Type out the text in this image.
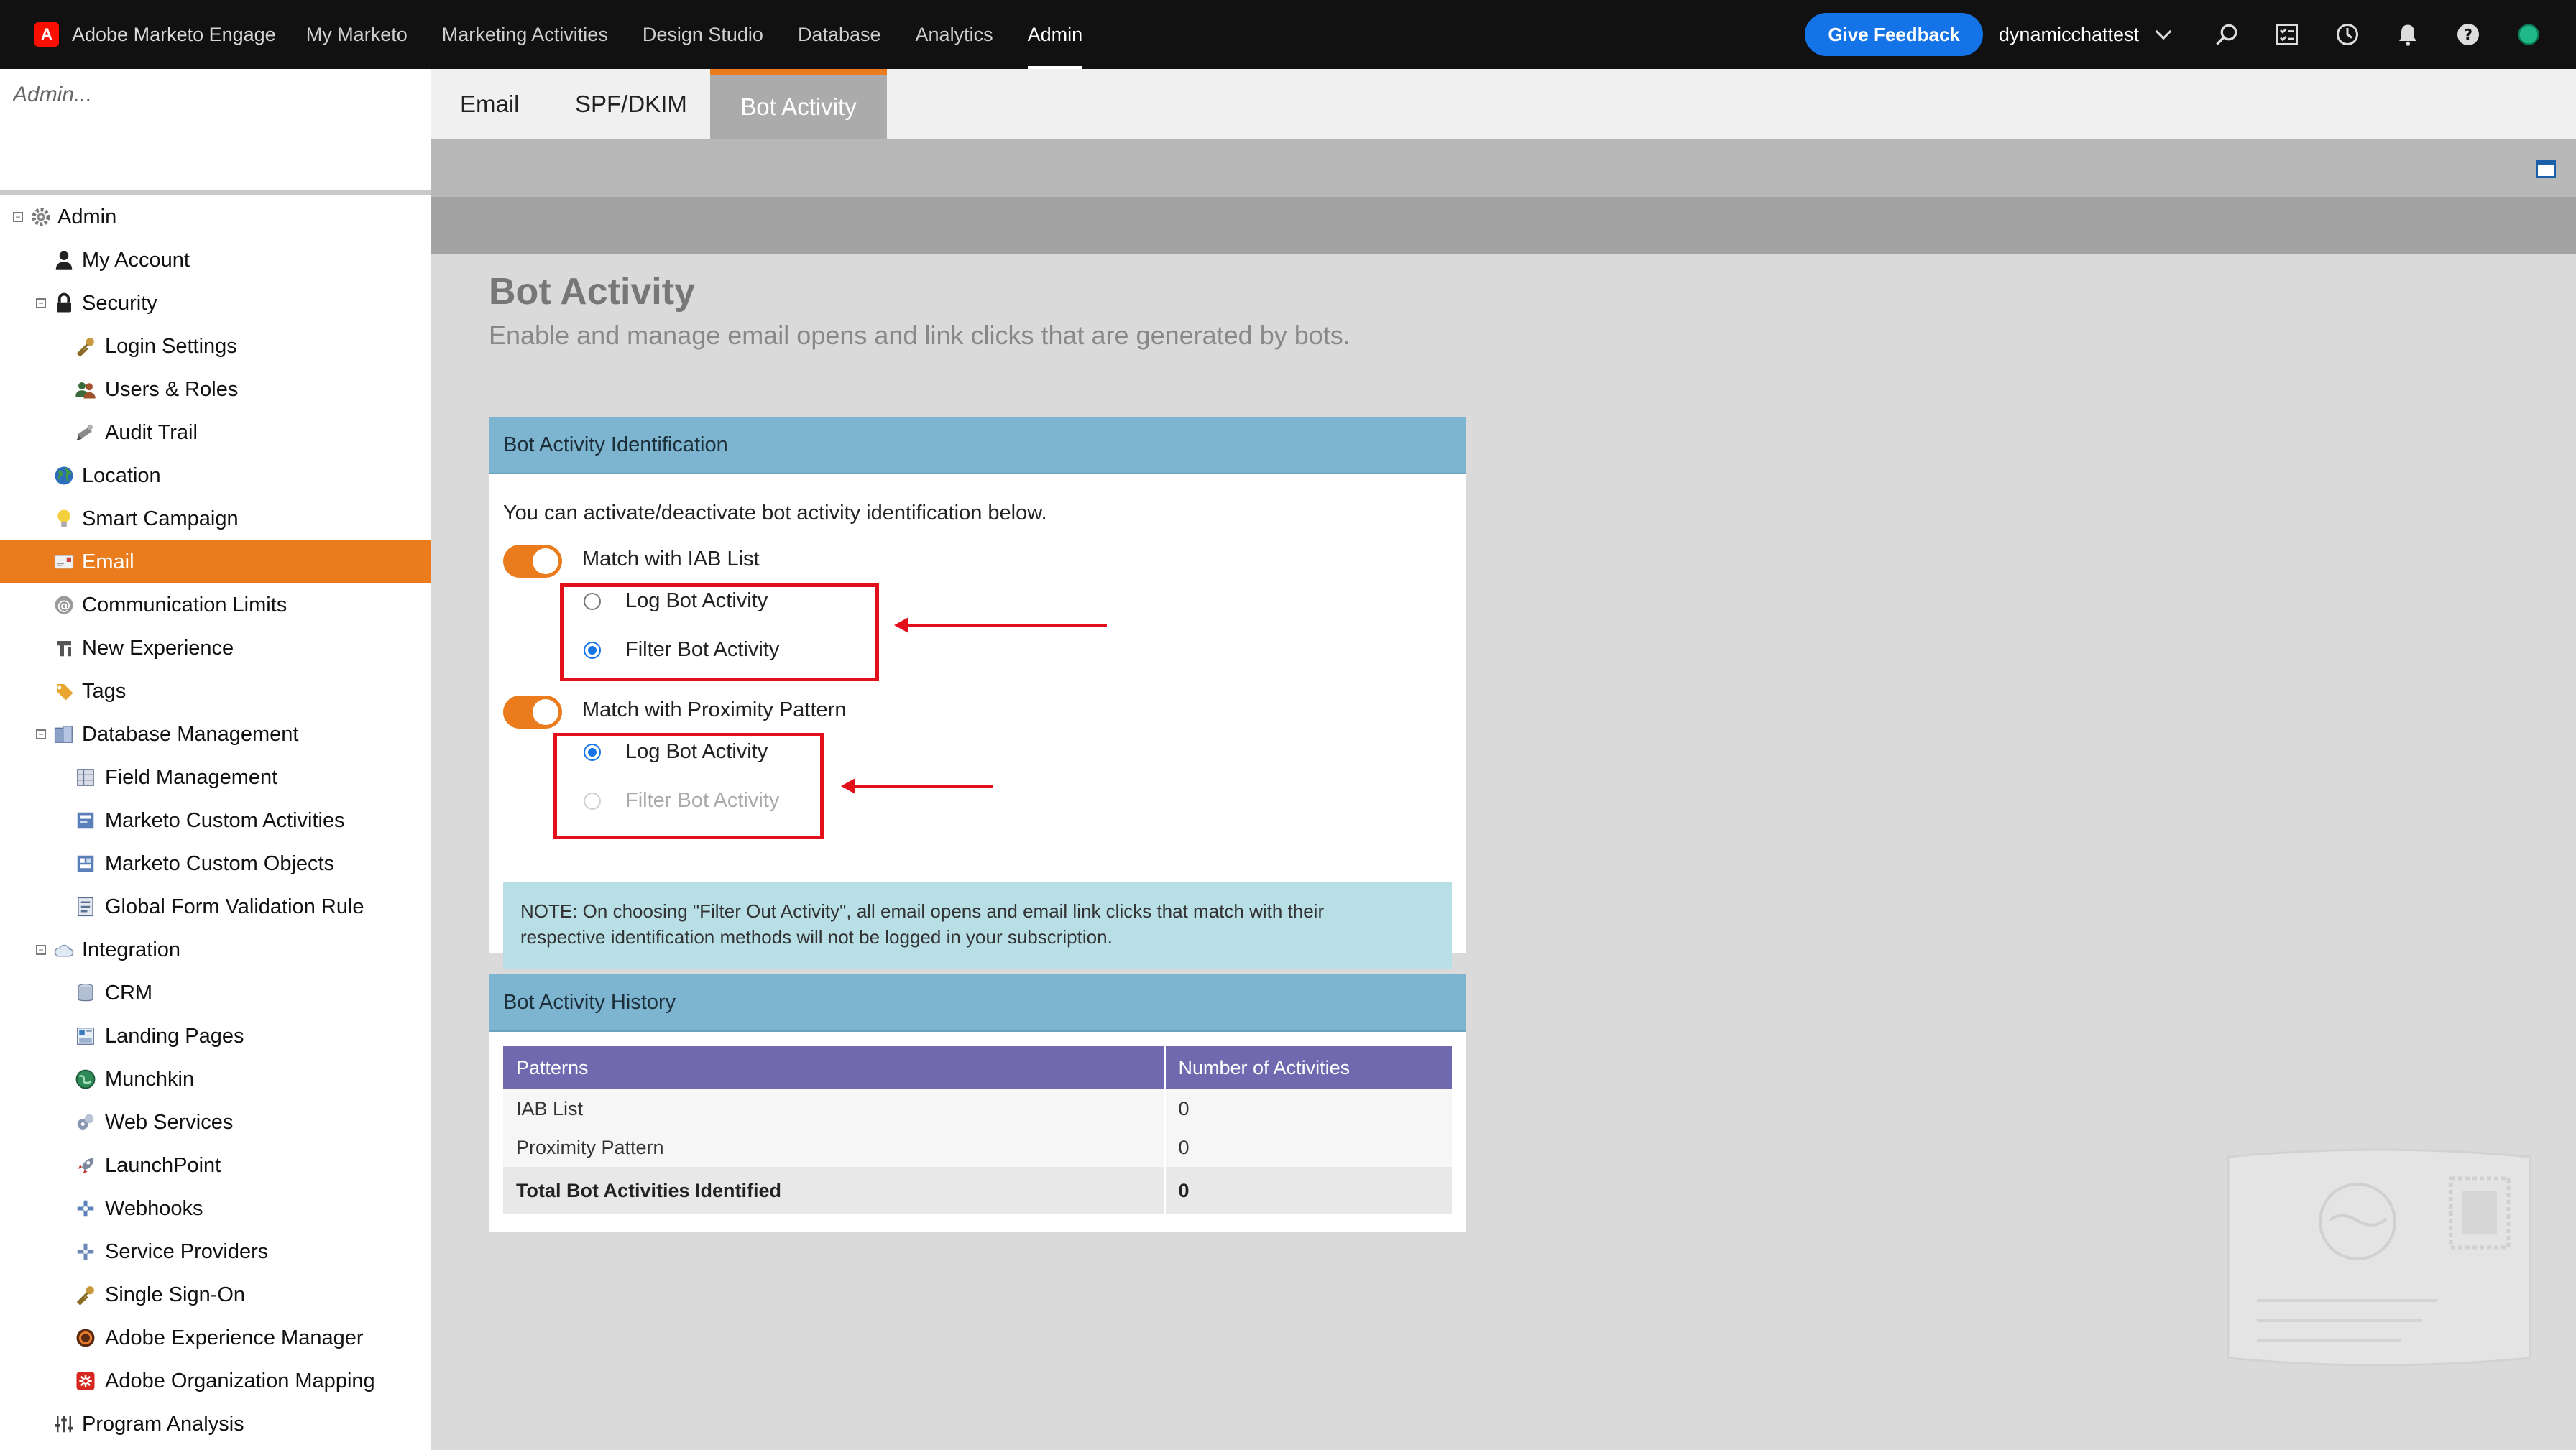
A	Adobe Marketo Engage My Marketo Marketing Activities Design Studio Database Analytics Admin	Give Feedback	dynamicchattest	?
Admin...
− Admin
My Account
− Security
Login Settings
Users & Roles
Audit Trail
Location
Smart Campaign
Email
@ Communication Limits
New Experience
Tags
− Database Management
Field Management
Marketo Custom Activities
Marketo Custom Objects
Global Form Validation Rule
− Integration
CRM
Landing Pages
Munchkin
Web Services
LaunchPoint
Webhooks
Service Providers
Single Sign-On
Adobe Experience Manager
Adobe Organization Mapping
Program Analysis
Email	SPF/DKIM	Bot Activity
Bot Activity
Enable and manage email opens and link clicks that are generated by bots.
Bot Activity Identification
You can activate/deactivate bot activity identification below.
Match with IAB List
Log Bot Activity
Filter Bot Activity
Match with Proximity Pattern
Log Bot Activity
Filter Bot Activity
NOTE: On choosing "Filter Out Activity", all email opens and email link clicks that match with their
respective identification methods will not be logged in your subscription.
Bot Activity History
Patterns	Number of Activities
IAB List	0
Proximity Pattern	0
Total Bot Activities Identified	0
